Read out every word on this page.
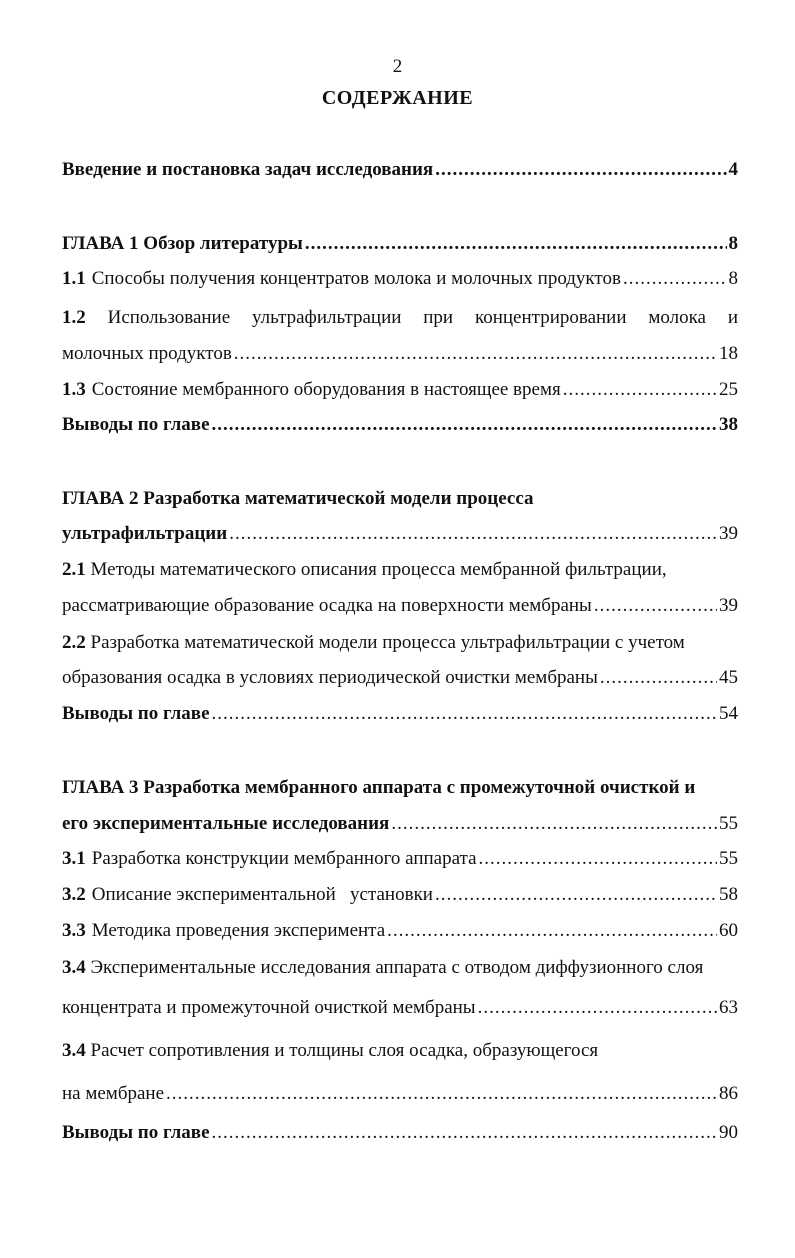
2
СОДЕРЖАНИЕ
Введение и постановка задач исследования .....	4
ГЛАВА 1 Обзор литературы .....	8
1.1 Способы получения концентратов молока и молочных продуктов .....	8
1.2 Использование ультрафильтрации при концентрировании молока и
молочных продуктов .....	18
1.3 Состояние мембранного оборудования в настоящее время .....	25
Выводы по главе .....	38
ГЛАВА 2 Разработка математической модели процесса
ультрафильтрации .....	39
2.1 Методы математического описания процесса мембранной фильтрации,
рассматривающие образование осадка на поверхности мембраны .....	39
2.2 Разработка математической модели процесса ультрафильтрации с учетом
образования осадка в условиях периодической очистки мембраны .....	45
Выводы по главе .....	54
ГЛАВА 3 Разработка мембранного аппарата с промежуточной очисткой и
его экспериментальные исследования .....	55
3.1 Разработка конструкции мембранного аппарата .....	55
3.2 Описание экспериментальной   установки .....	58
3.3 Методика проведения эксперимента .....	60
3.4 Экспериментальные исследования аппарата с отводом диффузионного слоя
концентрата и промежуточной очисткой мембраны .....	63
3.4 Расчет сопротивления и толщины слоя осадка, образующегося
на мембране .....	86
Выводы по главе .....	90
